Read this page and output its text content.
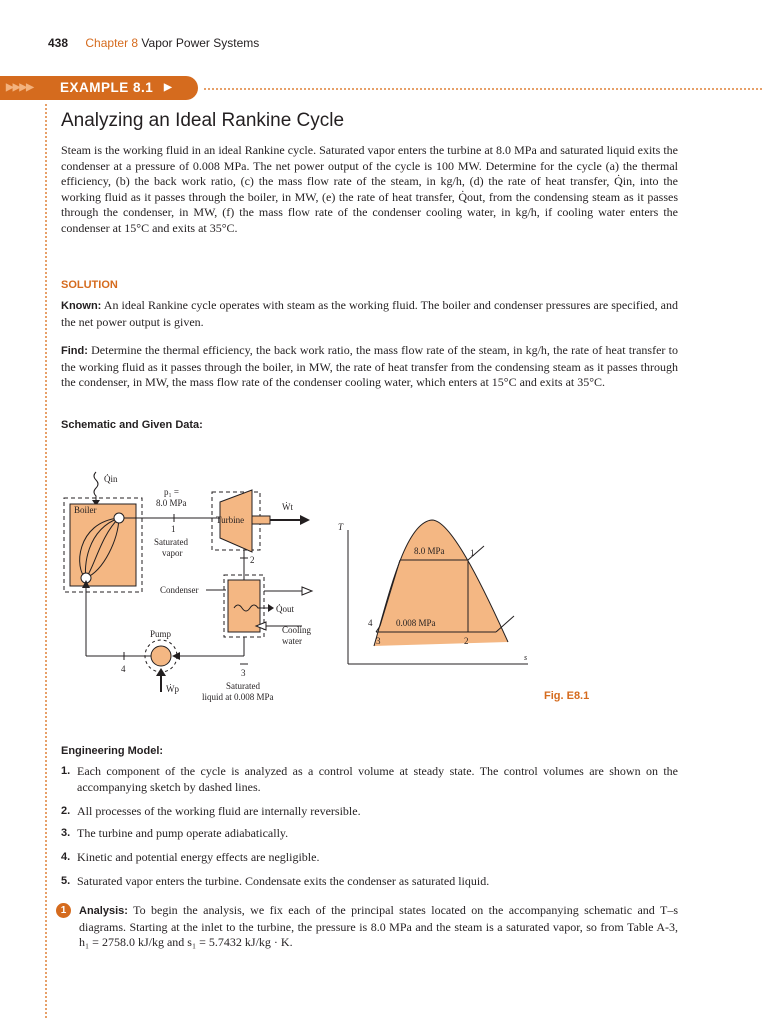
438 Chapter 8 Vapor Power Systems
▶▶▶▶ EXAMPLE 8.1 ▶
Analyzing an Ideal Rankine Cycle

Steam is the working fluid in an ideal Rankine cycle. Saturated vapor enters the turbine at 8.0 MPa and saturated liquid exits the condenser at a pressure of 0.008 MPa. The net power output of the cycle is 100 MW. Determine for the cycle (a) the thermal efficiency, (b) the back work ratio, (c) the mass flow rate of the steam, in kg/h, (d) the rate of heat transfer, Q̇in, into the working fluid as it passes through the boiler, in MW, (e) the rate of heat transfer, Q̇out, from the condensing steam as it passes through the condenser, in MW, (f) the mass flow rate of the condenser cooling water, in kg/h, if cooling water enters the condenser at 15°C and exits at 35°C.

SOLUTION

Known: An ideal Rankine cycle operates with steam as the working fluid. The boiler and condenser pressures are specified, and the net power output is given.

Find: Determine the thermal efficiency, the back work ratio, the mass flow rate of the steam, in kg/h, the rate of heat transfer to the working fluid as it passes through the boiler, in MW, the rate of heat transfer from the condensing steam as it passes through the condenser, in MW, the mass flow rate of the condenser cooling water, which enters at 15°C and exits at 35°C.

Schematic and Given Data:
Q̇in
Boiler
p₁ =
8.0 MPa
1
Saturated
vapor
Turbine
Ẇt
2
Condenser
Q̇out
Cooling
water
3
Saturated
liquid at 0.008 MPa
Pump
Ẇp
4
T
s
8.0 MPa
0.008 MPa
1
2
3
4
Fig. E8.1
Engineering Model:
1. Each component of the cycle is analyzed as a control volume at steady state. The control volumes are shown on the accompanying sketch by dashed lines.
2. All processes of the working fluid are internally reversible.
3. The turbine and pump operate adiabatically.
4. Kinetic and potential energy effects are negligible.
5. Saturated vapor enters the turbine. Condensate exits the condenser as saturated liquid.
1	Analysis: To begin the analysis, we fix each of the principal states located on the accompanying schematic and T–s diagrams. Starting at the inlet to the turbine, the pressure is 8.0 MPa and the steam is a saturated vapor, so from Table A-3, h₁ = 2758.0 kJ/kg and s₁ = 5.7432 kJ/kg · K.
